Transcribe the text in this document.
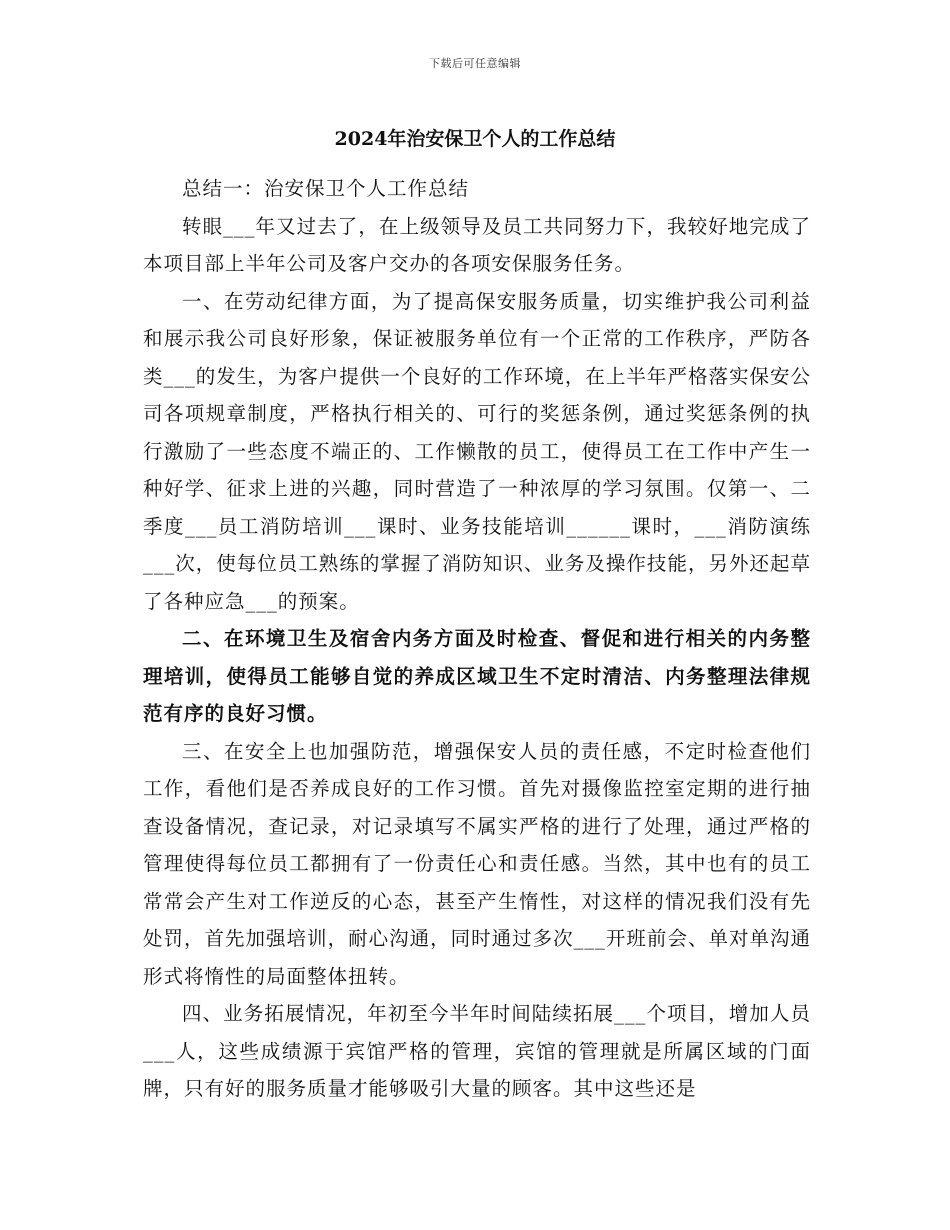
下载后可任意编辑
2024年治安保卫个人的工作总结

总结一：治安保卫个人工作总结

转眼___年又过去了，在上级领导及员工共同努力下，我较好地完成了本项目部上半年公司及客户交办的各项安保服务任务。

一、在劳动纪律方面，为了提高保安服务质量，切实维护我公司利益和展示我公司良好形象，保证被服务单位有一个正常的工作秩序，严防各类___的发生，为客户提供一个良好的工作环境，在上半年严格落实保安公司各项规章制度，严格执行相关的、可行的奖惩条例，通过奖惩条例的执行激励了一些态度不端正的、工作懒散的员工，使得员工在工作中产生一种好学、征求上进的兴趣，同时营造了一种浓厚的学习氛围。仅第一、二季度___员工消防培训___课时、业务技能培训______课时，___消防演练___次，使每位员工熟练的掌握了消防知识、业务及操作技能，另外还起草了各种应急___的预案。

二、在环境卫生及宿舍内务方面及时检查、督促和进行相关的内务整理培训，使得员工能够自觉的养成区域卫生不定时清洁、内务整理法律规范有序的良好习惯。

三、在安全上也加强防范，增强保安人员的责任感，不定时检查他们工作，看他们是否养成良好的工作习惯。首先对摄像监控室定期的进行抽查设备情况，查记录，对记录填写不属实严格的进行了处理，通过严格的管理使得每位员工都拥有了一份责任心和责任感。当然，其中也有的员工常常会产生对工作逆反的心态，甚至产生惰性，对这样的情况我们没有先处罚，首先加强培训，耐心沟通，同时通过多次___开班前会、单对单沟通形式将惰性的局面整体扭转。

四、业务拓展情况，年初至今半年时间陆续拓展___个项目，增加人员___人，这些成绩源于宾馆严格的管理，宾馆的管理就是所属区域的门面牌，只有好的服务质量才能够吸引大量的顾客。其中这些还是
